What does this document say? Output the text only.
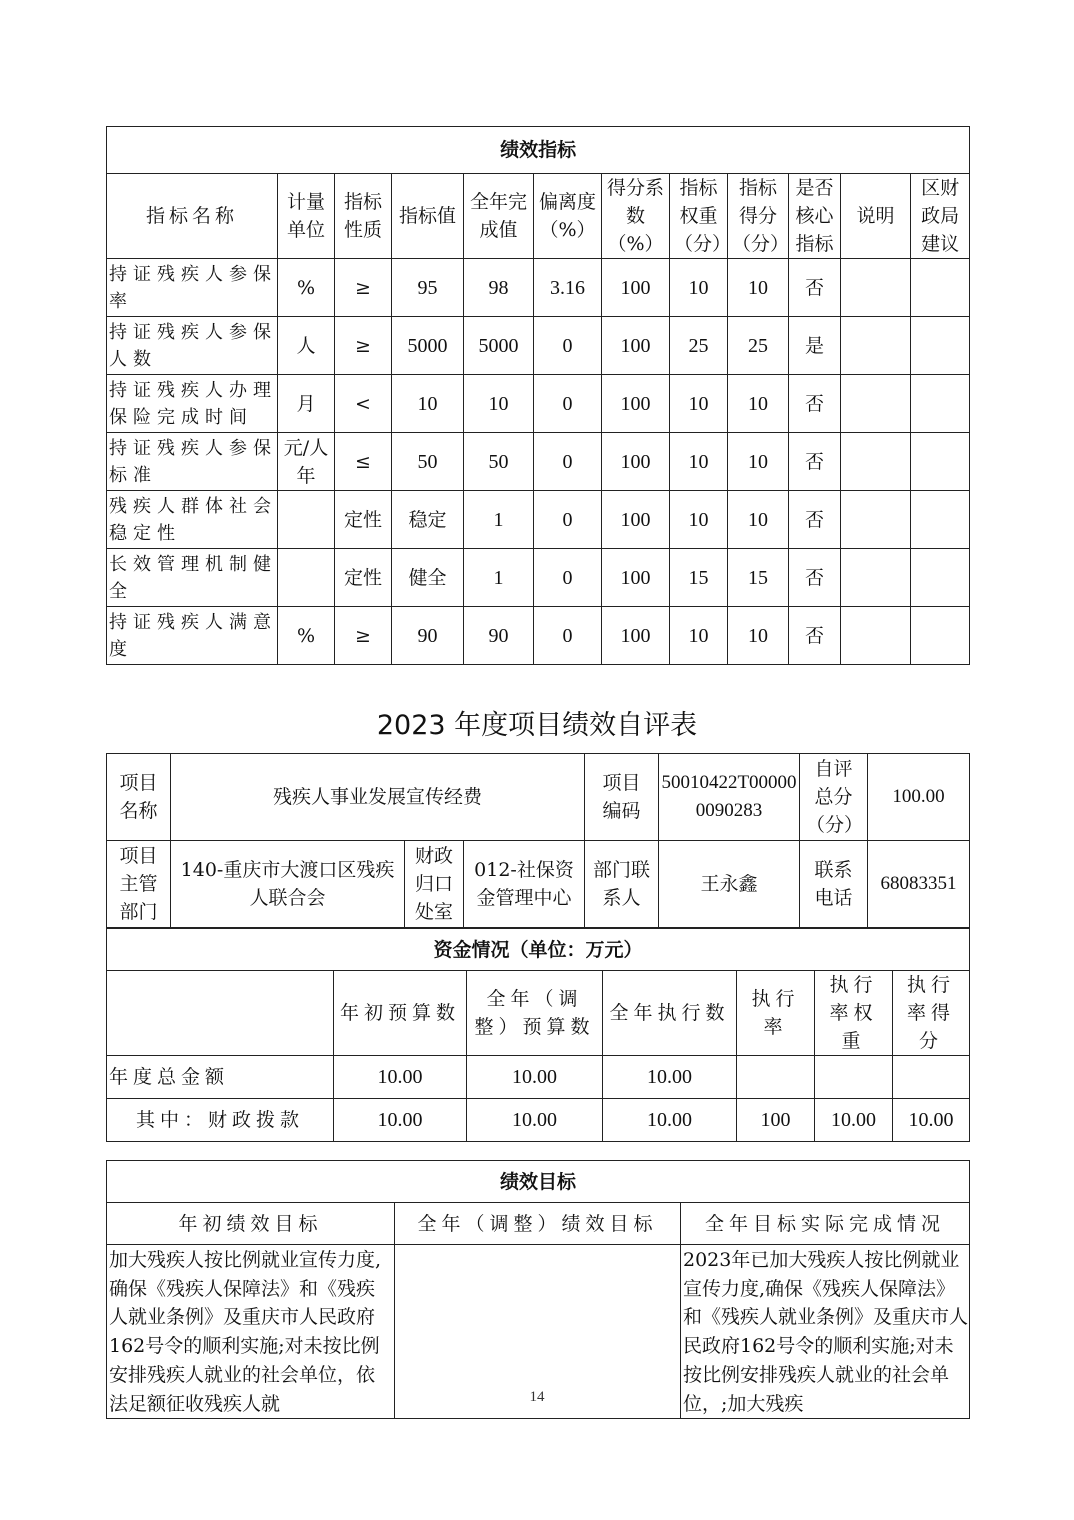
绩效指标											
指标名称	计量单位	指标性质	指标值	全年完成值	偏离度（%）	得分系数（%）	指标权重（分）	指标得分（分）	是否核心指标	说明	区财政局建议
持证残疾人参保率	%	≥	95	98	3.16	100	10	10	否		
持证残疾人参保人数	人	≥	5000	5000	0	100	25	25	是		
持证残疾人办理保险完成时间	月	<	10	10	0	100	10	10	否		
持证残疾人参保标准	元/人年	≤	50	50	0	100	10	10	否		
残疾人群体社会稳定性		定性	稳定	1	0	100	10	10	否		
长效管理机制健全		定性	健全	1	0	100	15	15	否		
持证残疾人满意度	%	≥	90	90	0	100	10	10	否		
2023 年度项目绩效自评表
项目名称	残疾人事业发展宣传经费			项目编码	50010422T000000090283	自评总分（分）	100.00
项目主管部门	140-重庆市大渡口区残疾人联合会	财政归口处室	012-社保资金管理中心	部门联系人	王永鑫	联系电话	68083351
资金情况（单位：万元）						
	年初预算数	全年（调整）预算数	全年执行数	执行率	执行率权重	执行率得分
年度总金额	10.00	10.00	10.00			
其中：财政拨款	10.00	10.00	10.00	100	10.00	10.00
绩效目标		
年初绩效目标	全年（调整）绩效目标	全年目标实际完成情况
加大残疾人按比例就业宣传力度,确保《残疾人保障法》和《残疾人就业条例》及重庆市人民政府162号令的顺利实施;对未按比例安排残疾人就业的社会单位，依法足额征收残疾人就		2023年已加大残疾人按比例就业宣传力度,确保《残疾人保障法》和《残疾人就业条例》及重庆市人民政府162号令的顺利实施;对未按比例安排残疾人就业的社会单位，;加大残疾
14
